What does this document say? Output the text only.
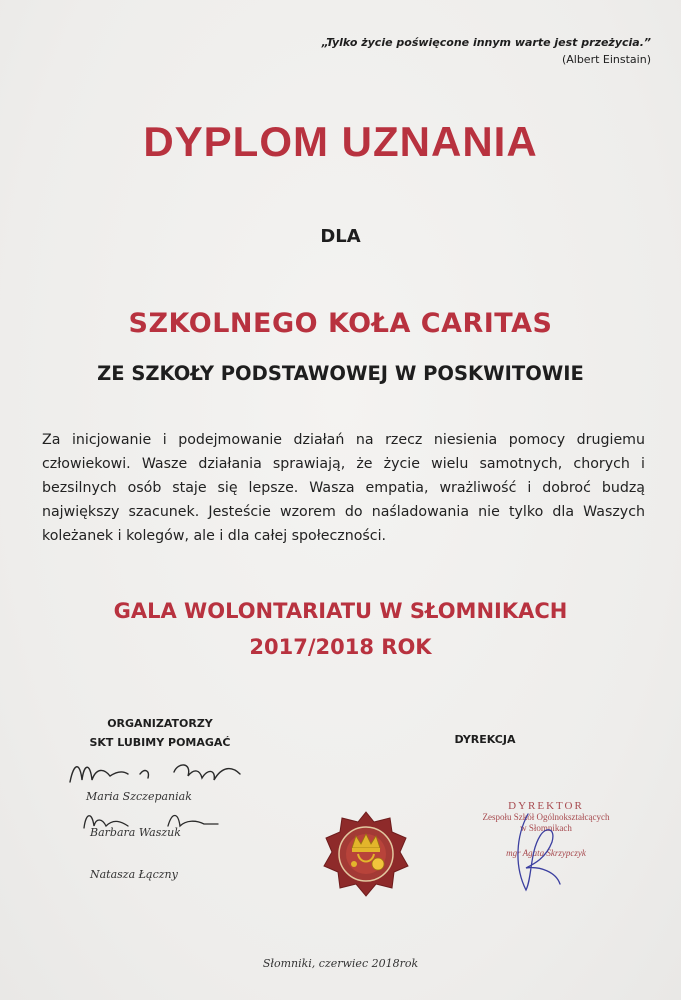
„Tylko życie poświęcone innym warte jest przeżycia.”
(Albert Einstain)
DYPLOM UZNANIA
DLA
SZKOLNEGO KOŁA CARITAS
ZE SZKOŁY PODSTAWOWEJ W POSKWITOWIE
Za inicjowanie i podejmowanie działań na rzecz niesienia pomocy drugiemu człowiekowi. Wasze działania sprawiają, że życie wielu samotnych, chorych i bezsilnych osób staje się lepsze. Wasza empatia, wrażliwość i dobroć budzą największy szacunek. Jesteście wzorem do naśladowania nie tylko dla Waszych koleżanek i kolegów, ale i dla całej społeczności.
GALA WOLONTARIATU W SŁOMNIKACH
2017/2018 ROK
ORGANIZATORZY
SKT LUBIMY POMAGAĆ
Maria Szczepaniak
Barbara Waszuk
Natasza Łączny
DYREKCJA
DYREKTOR
Zespołu Szkół Ogólnokształcących
w Słomnikach
mgr Agata Skrzypczyk
Słomniki, czerwiec 2018rok
